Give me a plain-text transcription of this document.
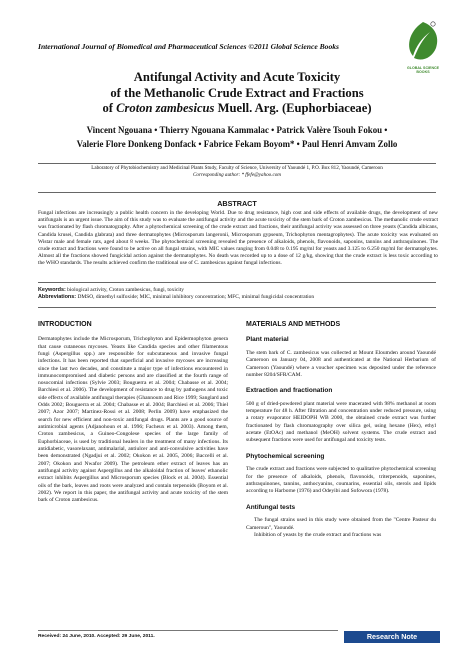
International Journal of Biomedical and Pharmaceutical Sciences ©2011 Global Science Books
GLOBAL SCIENCE BOOKS
Antifungal Activity and Acute Toxicity
of the Methanolic Crude Extract and Fractions
of Croton zambesicus Muell. Arg. (Euphorbiaceae)
Vincent Ngouana • Thierry Ngouana Kammalac • Patrick Valère Tsouh Fokou •
Valerie Flore Donkeng Donfack • Fabrice Fekam Boyom* • Paul Henri Amvam Zollo
Laboratory of Phytobiochemistry and Medicinal Plants Study, Faculty of Science, University of Yaoundé 1, P.O. Box 812, Yaoundé, Cameroon
Corresponding author: * ffefe@yahoo.com
ABSTRACT
Fungal infections are increasingly a public health concern in the developing World. Due to drug resistance, high cost and side effects of available drugs, the development of new antifungals is an urgent issue. The aim of this study was to evaluate the antifungal activity and the acute toxicity of the stem bark of Croton zambesicus. The methanolic crude extract was fractionated by flash chromatography. After a phytochemical screening of the crude extract and fractions, their antifungal activity was assessed on three yeasts (Candida albicans, Candida krusei, Candida glabrata) and three dermatophytes (Microsporum langeronii, Microsporum gypseum, Trichophyton mentagrophytes). The acute toxicity was evaluated on Wistar male and female rats, aged about 8 weeks. The phytochemical screening revealed the presence of alkaloids, phenols, flavonoids, saponins, tannins and anthraquinones. The crude extract and fractions were found to be active on all fungal strains, with MIC values ranging from 0.048 to 0.195 mg/ml for yeasts and 3.125 to 6.250 mg/ml for dermatophytes. Almost all the fractions showed fungicidal action against the dermatophytes. No death was recorded up to a dose of 12 g/kg, showing that the crude extract is less toxic according to the WHO standards. The results achieved confirm the traditional use of C. zambesicus against fungal infections.
Keywords: biological activity, Croton zambesicus, fungi, toxicity
Abbreviations: DMSO, dimethyl sulfoxide; MIC, minimal inhibitory concentration; MFC, minimal fungicidal concentration
INTRODUCTION

Dermatophytes include the Microsporum, Trichophyton and Epidermophyton genera that cause cutaneous mycoses. Yeasts like Candida species and other filamentous fungi (Aspergillus spp.) are responsible for subcutaneous and invasive fungal infections. It has been reported that superficial and invasive mycoses are increasing since the last two decades, and constitute a major type of infections encountered in immunocompromised and diabetic persons and are classified at the fourth range of nosocomial infections (Sylvie 2003; Bouguerra et al. 2004; Chabasse et al. 2004; Barchiesi et al. 2006). The development of resistance to drug by pathogens and toxic side effects of available antifungal therapies (Ghannoum and Rice 1999; Sanglard and Odds 2002; Bouguerra et al. 2004; Chabasse et al. 2004; Barchiesi et al. 2006; Thiel 2007; Azor 2007; Martinez-Rossi et al. 2008; Perlin 2009) have emphasized the search for new efficient and non-toxic antifungal drugs. Plants are a good source of antimicrobial agents (Adjanohoun et al. 1996; Facheux et al. 2003). Among them, Croton zambesicus, a Guineo-Congolese species of the large family of Euphorbiaceae, is used by traditional healers in the treatment of many infections. Its antidiabetic, vasorelaxant, antimalarial, antiulcer and anti-convulsive activities have been demonstrated (Ngadjui et al. 2002; Okokon et al. 2005, 2006; Baccelli et al. 2007; Okokon and Nwafor 2009). The petroleum ether extract of leaves has an antifungal activity against Aspergillus and the alkaloidal fraction of leaves' ethanolic extract inhibits Aspergillus and Microsporum species (Block et al. 2004). Essential oils of the bark, leaves and roots were analyzed and contain terpenoids (Boyom et al. 2002). We report in this paper, the antifungal activity and acute toxicity of the stem bark of Croton zambesicus.

MATERIALS AND METHODS
Plant material

The stem bark of C. zambesicus was collected at Mount Eloumden around Yaoundé Cameroon on January 04, 2008 and authenticated at the National Herbarium of Cameroon (Yaoundé) where a voucher specimen was deposited under the reference number 8204/SFR/CAM.

Extraction and fractionation

500 g of dried-powdered plant material were macerated with 98% methanol at room temperature for 48 h. After filtration and concentration under reduced pressure, using a rotary evaporator HEIDOPH WB 2000, the obtained crude extract was further fractionated by flash chromatography over silica gel, using hexane (Hex), ethyl acetate (EtOAc) and methanol (MeOH) solvent systems. The crude extract and subsequent fractions were used for antifungal and toxicity tests.

Phytochemical screening

The crude extract and fractions were subjected to qualitative phytochemical screening for the presence of alkaloids, phenols, flavonoids, triterpenoids, saponines, anthraquinones, tannins, anthocyanins, coumarins, essential oils, sterols and lipids according to Harborne (1976) and Odeyibi and Sofowora (1978).

Antifungal tests

The fungal strains used in this study were obtained from the "Centre Pasteur du Cameroun", Yaoundé.

Inhibition of yeasts by the crude extract and fractions was

Received: 24 June, 2010. Accepted: 29 June, 2011.	Research Note
